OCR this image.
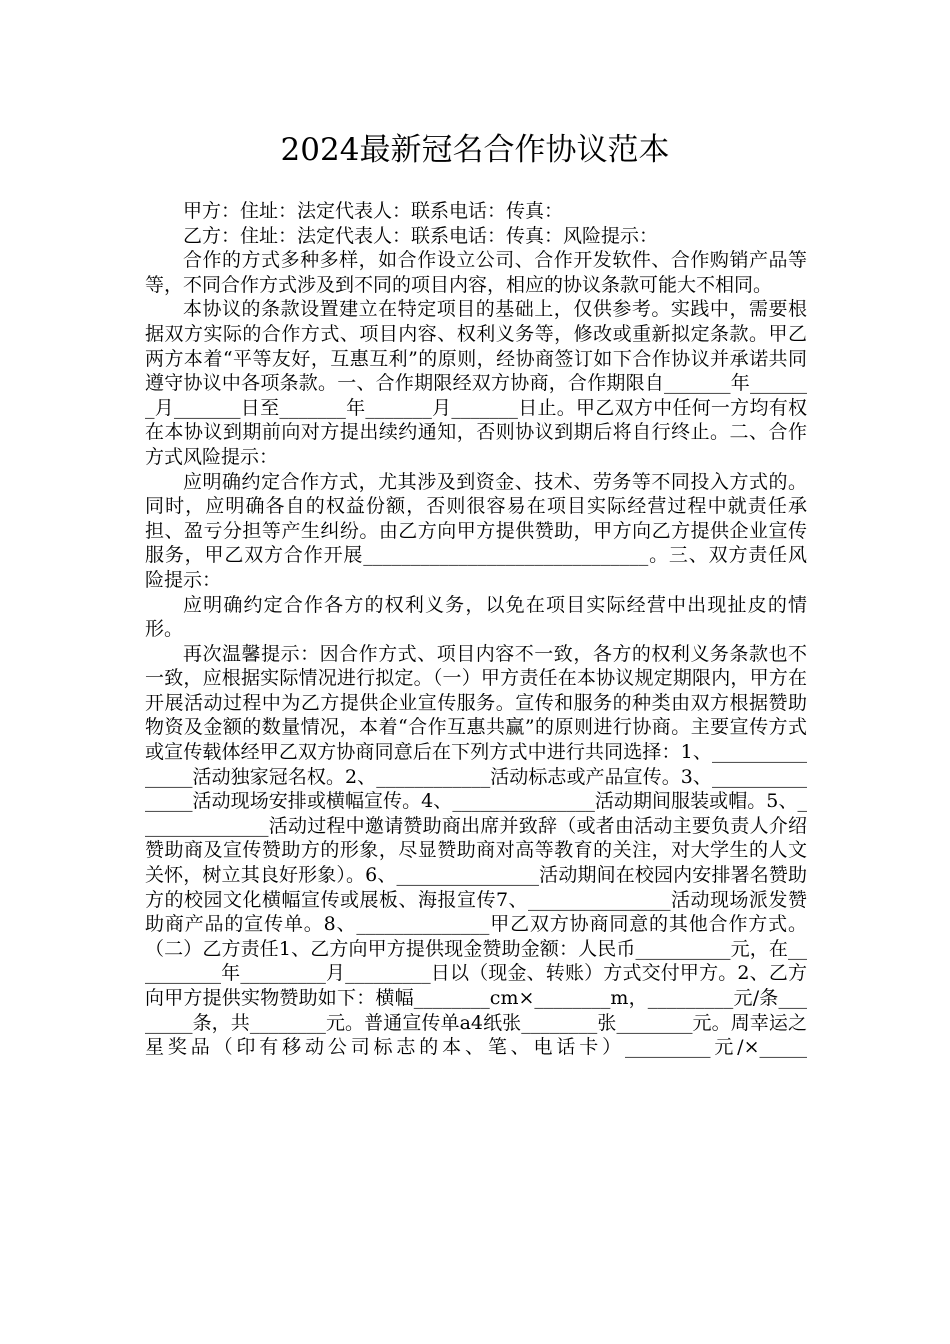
2024最新冠名合作协议范本

甲方：住址：法定代表人：联系电话：传真：

乙方：住址：法定代表人：联系电话：传真：风险提示：

合作的方式多种多样，如合作设立公司、合作开发软件、合作购销产品等等，不同合作方式涉及到不同的项目内容，相应的协议条款可能大不相同。

本协议的条款设置建立在特定项目的基础上，仅供参考。实践中，需要根据双方实际的合作方式、项目内容、权利义务等，修改或重新拟定条款。甲乙两方本着“平等友好，互惠互利”的原则，经协商签订如下合作协议并承诺共同遵守协议中各项条款。一、合作期限经双方协商，合作期限自_______年_______月_______日至_______年_______月_______日止。甲乙双方中任何一方均有权在本协议到期前向对方提出续约通知，否则协议到期后将自行终止。二、合作方式风险提示：

应明确约定合作方式，尤其涉及到资金、技术、劳务等不同投入方式的。同时，应明确各自的权益份额，否则很容易在项目实际经营过程中就责任承担、盈亏分担等产生纠纷。由乙方向甲方提供赞助，甲方向乙方提供企业宣传服务，甲乙双方合作开展______________________________。三、双方责任风险提示：

应明确约定合作各方的权利义务，以免在项目实际经营中出现扯皮的情形。

再次温馨提示：因合作方式、项目内容不一致，各方的权利义务条款也不一致，应根据实际情况进行拟定。（一）甲方责任在本协议规定期限内，甲方在开展活动过程中为乙方提供企业宣传服务。宣传和服务的种类由双方根据赞助物资及金额的数量情况，本着“合作互惠共赢”的原则进行协商。主要宣传方式或宣传载体经甲乙双方协商同意后在下列方式中进行共同选择：1、_______________活动独家冠名权。2、____________活动标志或产品宣传。3、_______________活动现场安排或横幅宣传。4、_______________活动期间服装或帽。5、______________活动过程中邀请赞助商出席并致辞（或者由活动主要负责人介绍赞助商及宣传赞助方的形象，尽显赞助商对高等教育的关注，对大学生的人文关怀，树立其良好形象）。6、_______________活动期间在校园内安排署名赞助方的校园文化横幅宣传或展板、海报宣传7、_______________活动现场派发赞助商产品的宣传单。8、______________甲乙双方协商同意的其他合作方式。（二）乙方责任1、乙方向甲方提供现金赞助金额：人民币__________元，在__________年_________月_________日以（现金、转账）方式交付甲方。2、乙方向甲方提供实物赞助如下：横幅________cm×________m，_________元/条________条，共________元。普通宣传单a4纸张________张________元。周幸运之星奖品（印有移动公司标志的本、笔、电话卡）_________元/×_____
